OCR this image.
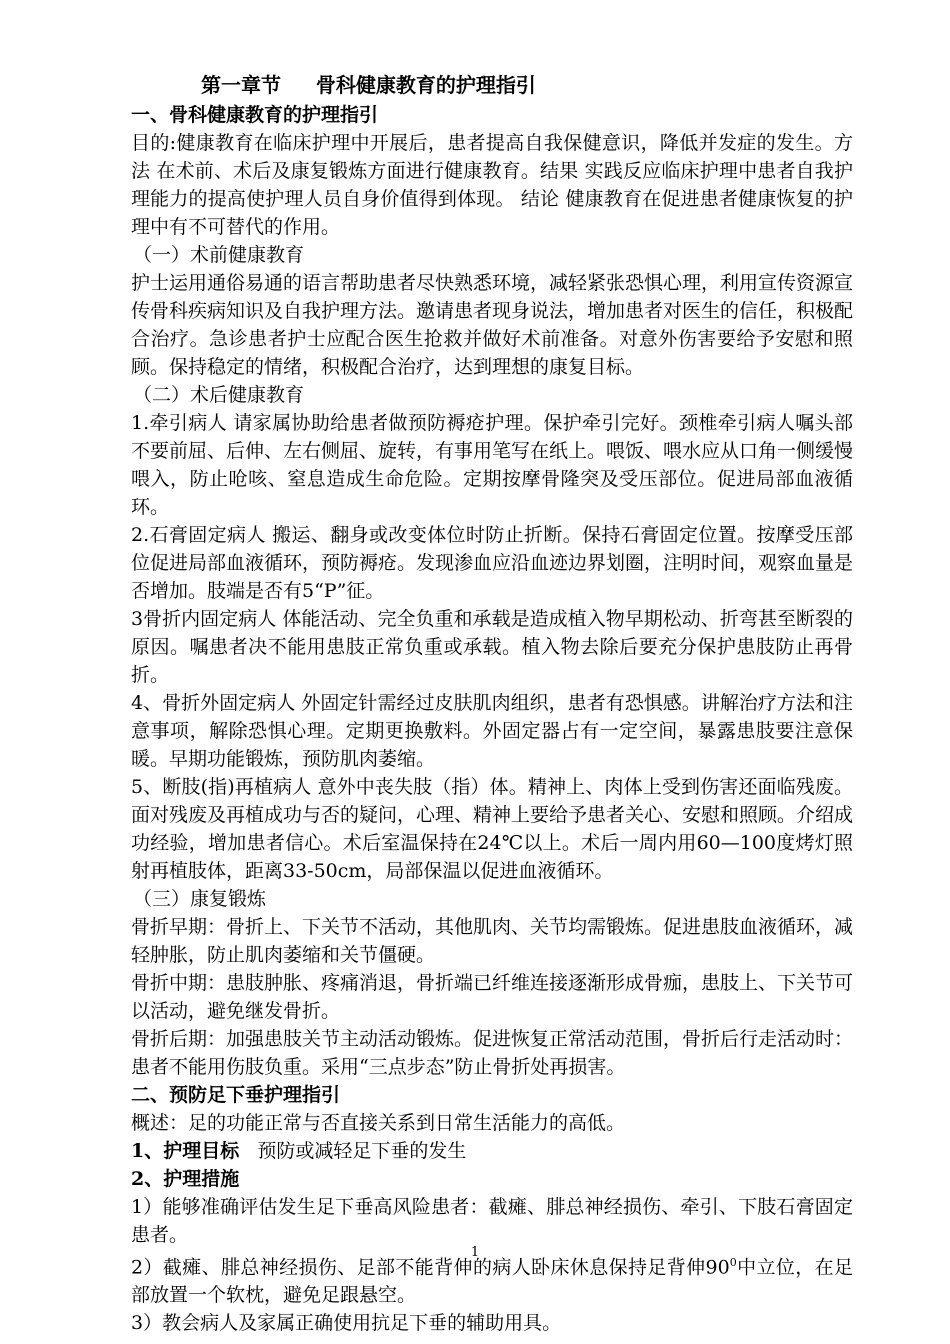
第一章节     骨科健康教育的护理指引
一、骨科健康教育的护理指引

目的:健康教育在临床护理中开展后，患者提高自我保健意识，降低并发症的发生。方法 在术前、术后及康复锻炼方面进行健康教育。结果 实践反应临床护理中患者自我护理能力的提高使护理人员自身价值得到体现。 结论 健康教育在促进患者健康恢复的护理中有不可替代的作用。

（一）术前健康教育

护士运用通俗易通的语言帮助患者尽快熟悉环境，减轻紧张恐惧心理，利用宣传资源宣传骨科疾病知识及自我护理方法。邀请患者现身说法，增加患者对医生的信任，积极配合治疗。急诊患者护士应配合医生抢救并做好术前准备。对意外伤害要给予安慰和照顾。保持稳定的情绪，积极配合治疗，达到理想的康复目标。

（二）术后健康教育

1.牵引病人 请家属协助给患者做预防褥疮护理。保护牵引完好。颈椎牵引病人嘱头部不要前屈、后伸、左右侧屈、旋转，有事用笔写在纸上。喂饭、喂水应从口角一侧缓慢喂入，防止呛咳、窒息造成生命危险。定期按摩骨隆突及受压部位。促进局部血液循环。

2.石膏固定病人 搬运、翻身或改变体位时防止折断。保持石膏固定位置。按摩受压部位促进局部血液循环，预防褥疮。发现渗血应沿血迹边界划圈，注明时间，观察血量是否增加。肢端是否有5“P”征。

3骨折内固定病人 体能活动、完全负重和承载是造成植入物早期松动、折弯甚至断裂的原因。嘱患者决不能用患肢正常负重或承载。植入物去除后要充分保护患肢防止再骨折。

4、骨折外固定病人 外固定针需经过皮肤肌肉组织，患者有恐惧感。讲解治疗方法和注意事项，解除恐惧心理。定期更换敷料。外固定器占有一定空间，暴露患肢要注意保暖。早期功能锻炼，预防肌肉萎缩。

5、断肢(指)再植病人 意外中丧失肢（指）体。精神上、肉体上受到伤害还面临残废。面对残废及再植成功与否的疑问，心理、精神上要给予患者关心、安慰和照顾。介绍成功经验，增加患者信心。术后室温保持在24℃以上。术后一周内用60—100度烤灯照射再植肢体，距离33-50cm，局部保温以促进血液循环。

（三）康复锻炼

骨折早期：骨折上、下关节不活动，其他肌肉、关节均需锻炼。促进患肢血液循环，减轻肿胀，防止肌肉萎缩和关节僵硬。

骨折中期：患肢肿胀、疼痛消退，骨折端已纤维连接逐渐形成骨痂，患肢上、下关节可以活动，避免继发骨折。

骨折后期：加强患肢关节主动活动锻炼。促进恢复正常活动范围，骨折后行走活动时：患者不能用伤肢负重。采用“三点步态”防止骨折处再损害。

二、预防足下垂护理指引

概述：足的功能正常与否直接关系到日常生活能力的高低。

1、护理目标   预防或减轻足下垂的发生

2、护理措施

1）能够准确评估发生足下垂高风险患者：截瘫、腓总神经损伤、牵引、下肢石膏固定患者。

2）截瘫、腓总神经损伤、足部不能背伸的病人卧床休息保持足背伸$90^0$中立位，在足部放置一个软枕，避免足跟悬空。

3）教会病人及家属正确使用抗足下垂的辅助用具。

1
